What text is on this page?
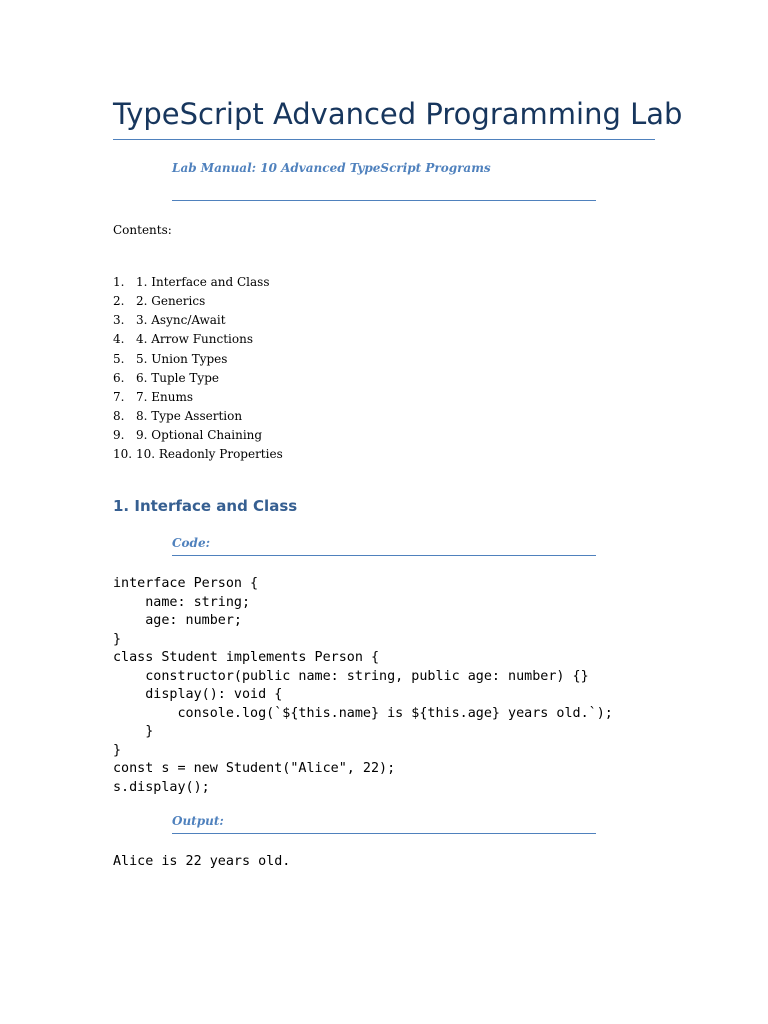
TypeScript Advanced Programming Lab

Lab Manual: 10 Advanced TypeScript Programs

Contents:

1. 1. Interface and Class
2. 2. Generics
3. 3. Async/Await
4. 4. Arrow Functions
5. 5. Union Types
6. 6. Tuple Type
7. 7. Enums
8. 8. Type Assertion
9. 9. Optional Chaining
10. 10. Readonly Properties
1. Interface and Class

Code:

interface Person {
name: string;
age: number;
}
class Student implements Person {
constructor(public name: string, public age: number) {}
display(): void {
console.log(`${this.name} is ${this.age} years old.`);
}
}
const s = new Student("Alice", 22);
s.display();

Output:

Alice is 22 years old.
